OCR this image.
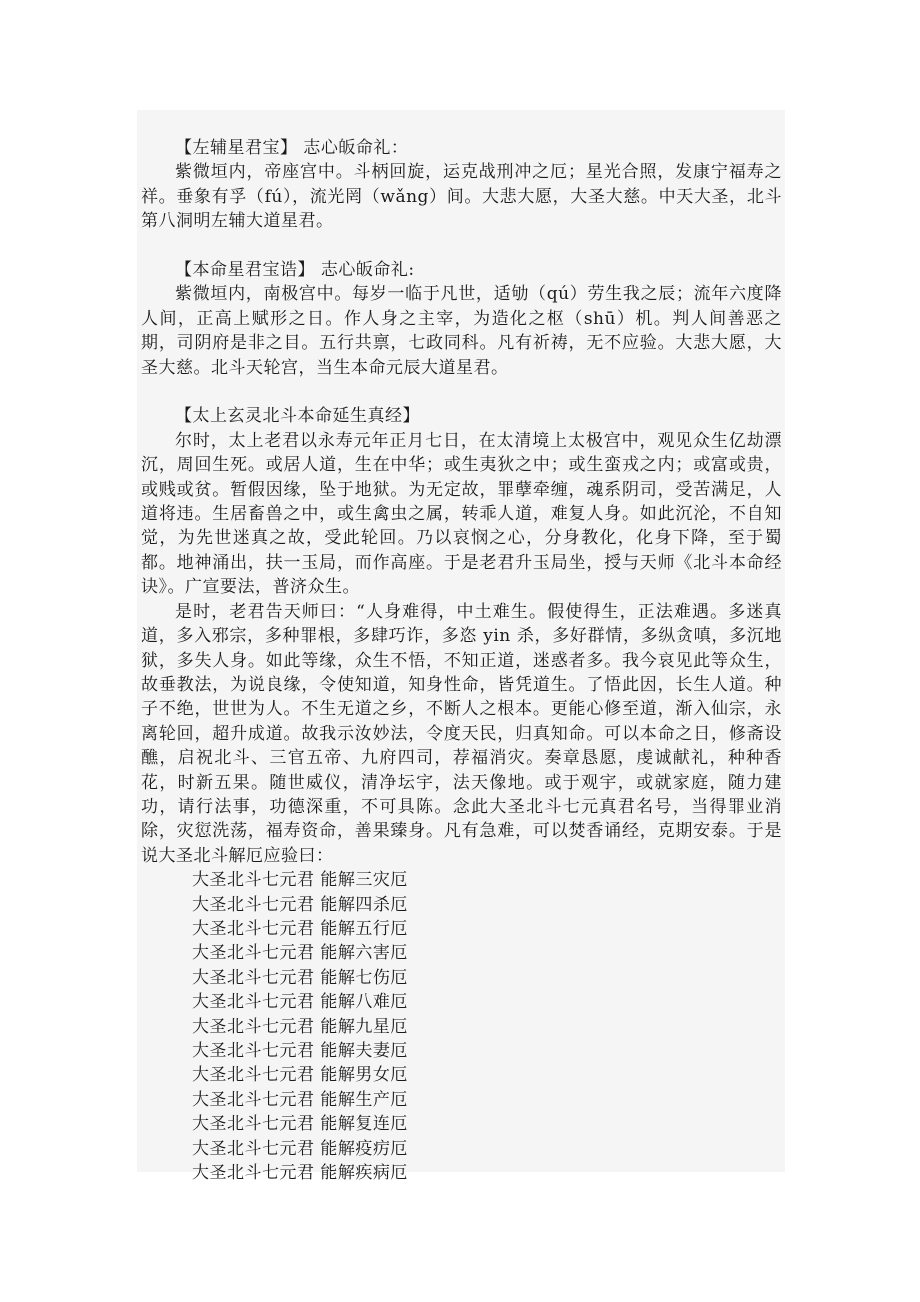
【左辅星君宝】 志心皈命礼：

紫微垣内，帝座宫中。斗柄回旋，运克战刑冲之厄；星光合照，发康宁福寿之祥。垂象有孚（fú），流光罔（wǎng）间。大悲大愿，大圣大慈。中天大圣，北斗第八洞明左辅大道星君。

【本命星君宝诰】 志心皈命礼:

紫微垣内，南极宫中。每岁一临于凡世，适劬（qú）劳生我之辰；流年六度降人间，正高上赋形之日。作人身之主宰，为造化之枢（shū）机。判人间善恶之期，司阴府是非之目。五行共禀，七政同科。凡有祈祷，无不应验。大悲大愿，大圣大慈。北斗天轮宫，当生本命元辰大道星君。

【太上玄灵北斗本命延生真经】

尔时，太上老君以永寿元年正月七日，在太清境上太极宫中，观见众生亿劫漂沉，周回生死。或居人道，生在中华；或生夷狄之中；或生蛮戎之内；或富或贵，或贱或贫。暂假因缘，坠于地狱。为无定故，罪孽牵缠，魂系阴司，受苦满足，人道将违。生居畜兽之中，或生禽虫之属，转乖人道，难复人身。如此沉沦，不自知觉，为先世迷真之故，受此轮回。乃以哀悯之心，分身教化，化身下降，至于蜀都。地神涌出，扶一玉局，而作高座。于是老君升玉局坐，授与天师《北斗本命经诀》。广宣要法，普济众生。

是时，老君告天师曰：“人身难得，中土难生。假使得生，正法难遇。多迷真道，多入邪宗，多种罪根，多肆巧诈，多恣 yin 杀，多好群情，多纵贪嗔，多沉地狱，多失人身。如此等缘，众生不悟，不知正道，迷惑者多。我今哀见此等众生，故垂教法，为说良缘，令使知道，知身性命，皆凭道生。了悟此因，长生人道。种子不绝，世世为人。不生无道之乡，不断人之根本。更能心修至道，渐入仙宗，永离轮回，超升成道。故我示汝妙法，令度天民，归真知命。可以本命之日，修斋设醮，启祝北斗、三官五帝、九府四司，荐福消灾。奏章恳愿，虔诚献礼，种种香花，时新五果。随世威仪，清净坛宇，法天像地。或于观宇，或就家庭，随力建功，请行法事，功德深重，不可具陈。念此大圣北斗七元真君名号，当得罪业消除，灾愆洗荡，福寿资命，善果臻身。凡有急难，可以焚香诵经，克期安泰。于是说大圣北斗解厄应验曰：

大圣北斗七元君 能解三灾厄
大圣北斗七元君 能解四杀厄
大圣北斗七元君 能解五行厄
大圣北斗七元君 能解六害厄
大圣北斗七元君 能解七伤厄
大圣北斗七元君 能解八难厄
大圣北斗七元君 能解九星厄
大圣北斗七元君 能解夫妻厄
大圣北斗七元君 能解男女厄
大圣北斗七元君 能解生产厄
大圣北斗七元君 能解复连厄
大圣北斗七元君 能解疫疠厄
大圣北斗七元君 能解疾病厄
